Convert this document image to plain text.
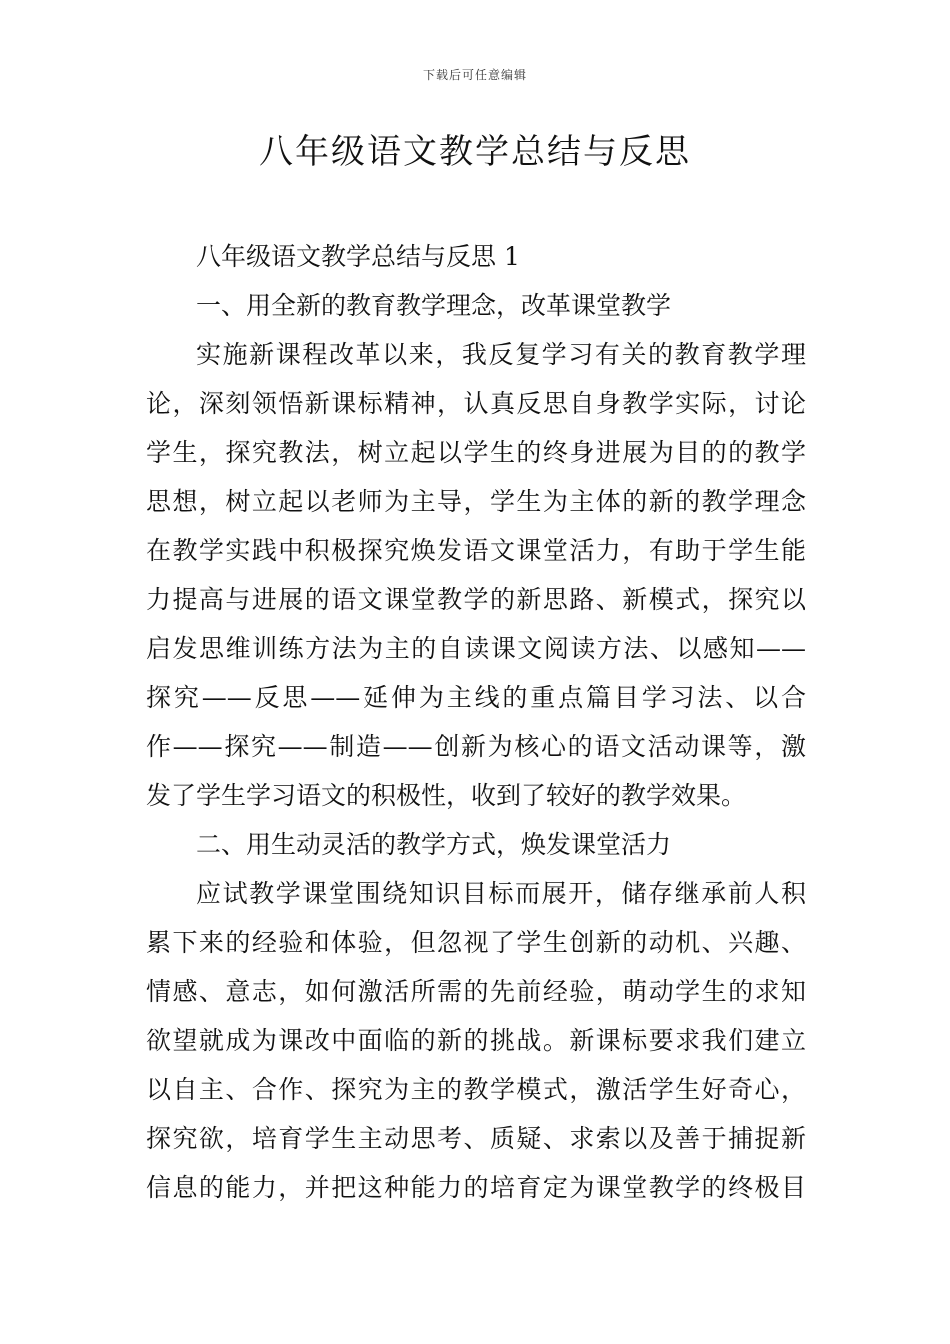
下载后可任意编辑
八年级语文教学总结与反思
八年级语文教学总结与反思 1
一、用全新的教育教学理念，改革课堂教学
实施新课程改革以来，我反复学习有关的教育教学理
论，深刻领悟新课标精神，认真反思自身教学实际，讨论
学生，探究教法，树立起以学生的终身进展为目的的教学
思想，树立起以老师为主导，学生为主体的新的教学理念
在教学实践中积极探究焕发语文课堂活力，有助于学生能
力提高与进展的语文课堂教学的新思路、新模式，探究以
启发思维训练方法为主的自读课文阅读方法、以感知——
探究——反思——延伸为主线的重点篇目学习法、以合
作——探究——制造——创新为核心的语文活动课等，激
发了学生学习语文的积极性，收到了较好的教学效果。
二、用生动灵活的教学方式，焕发课堂活力
应试教学课堂围绕知识目标而展开，储存继承前人积
累下来的经验和体验，但忽视了学生创新的动机、兴趣、
情感、意志，如何激活所需的先前经验，萌动学生的求知
欲望就成为课改中面临的新的挑战。新课标要求我们建立
以自主、合作、探究为主的教学模式，激活学生好奇心，
探究欲，培育学生主动思考、质疑、求索以及善于捕捉新
信息的能力，并把这种能力的培育定为课堂教学的终极目
